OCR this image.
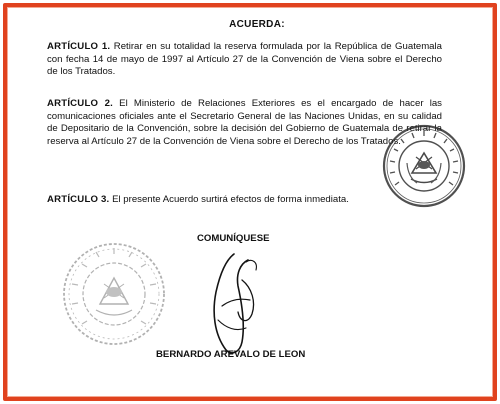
ACUERDA:
ARTÍCULO 1. Retirar en su totalidad la reserva formulada por la República de Guatemala con fecha 14 de mayo de 1997 al Artículo 27 de la Convención de Viena sobre el Derecho de los Tratados.
ARTÍCULO 2. El Ministerio de Relaciones Exteriores es el encargado de hacer las comunicaciones oficiales ante el Secretario General de las Naciones Unidas, en su calidad de Depositario de la Convención, sobre la decisión del Gobierno de Guatemala de retirar la reserva al Artículo 27 de la Convención de Viena sobre el Derecho de los Tratados.
ARTÍCULO 3. El presente Acuerdo surtirá efectos de forma inmediata.
COMUNÍQUESE
BERNARDO AREVALO DE LEON
